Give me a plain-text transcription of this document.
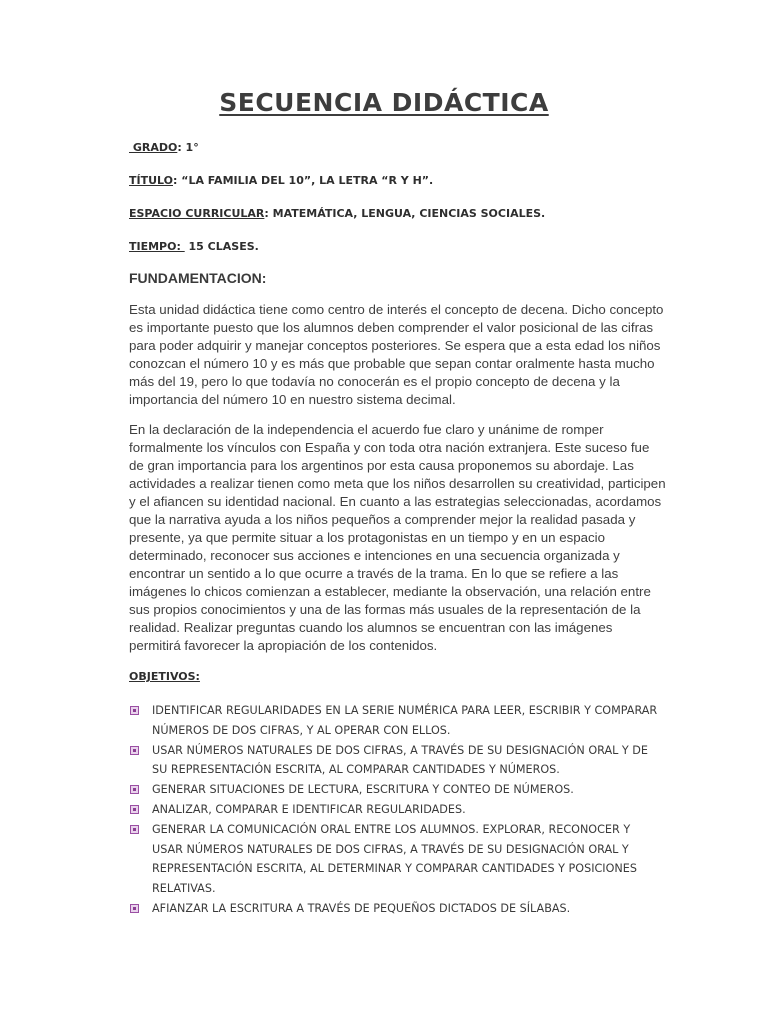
SECUENCIA DIDÁCTICA
GRADO: 1°
TÍTULO: “LA FAMILIA DEL 10”, LA LETRA “R Y H”.
ESPACIO CURRICULAR: MATEMÁTICA, LENGUA, CIENCIAS SOCIALES.
TIEMPO:  15 CLASES.
FUNDAMENTACION:

Esta unidad didáctica tiene como centro de interés el concepto de decena. Dicho concepto
es importante puesto que los alumnos deben comprender el valor posicional de las cifras
para poder adquirir y manejar conceptos posteriores. Se espera que a esta edad los niños
conozcan el número 10 y es más que probable que sepan contar oralmente hasta mucho
más del 19, pero lo que todavía no conocerán es el propio concepto de decena y la
importancia del número 10 en nuestro sistema decimal.

En la declaración de la independencia el acuerdo fue claro y unánime de romper
formalmente los vínculos con España y con toda otra nación extranjera. Este suceso fue
de gran importancia para los argentinos por esta causa proponemos su abordaje. Las
actividades a realizar tienen como meta que los niños desarrollen su creatividad, participen
y el afiancen su identidad nacional. En cuanto a las estrategias seleccionadas, acordamos
que la narrativa ayuda a los niños pequeños a comprender mejor la realidad pasada y
presente, ya que permite situar a los protagonistas en un tiempo y en un espacio
determinado, reconocer sus acciones e intenciones en una secuencia organizada y
encontrar un sentido a lo que ocurre a través de la trama. En lo que se refiere a las
imágenes lo chicos comienzan a establecer, mediante la observación, una relación entre
sus propios conocimientos y una de las formas más usuales de la representación de la
realidad. Realizar preguntas cuando los alumnos se encuentran con las imágenes
permitirá favorecer la apropiación de los contenidos.

OBJETIVOS:
IDENTIFICAR REGULARIDADES EN LA SERIE NUMÉRICA PARA LEER, ESCRIBIR Y COMPARAR
NÚMEROS DE DOS CIFRAS, Y AL OPERAR CON ELLOS.
USAR NÚMEROS NATURALES DE DOS CIFRAS, A TRAVÉS DE SU DESIGNACIÓN ORAL Y DE
SU REPRESENTACIÓN ESCRITA, AL COMPARAR CANTIDADES Y NÚMEROS.
GENERAR SITUACIONES DE LECTURA, ESCRITURA Y CONTEO DE NÚMEROS.
ANALIZAR, COMPARAR E IDENTIFICAR REGULARIDADES.
GENERAR LA COMUNICACIÓN ORAL ENTRE LOS ALUMNOS. EXPLORAR, RECONOCER Y
USAR NÚMEROS NATURALES DE DOS CIFRAS, A TRAVÉS DE SU DESIGNACIÓN ORAL Y
REPRESENTACIÓN ESCRITA, AL DETERMINAR Y COMPARAR CANTIDADES Y POSICIONES
RELATIVAS.
AFIANZAR LA ESCRITURA A TRAVÉS DE PEQUEÑOS DICTADOS DE SÍLABAS.
